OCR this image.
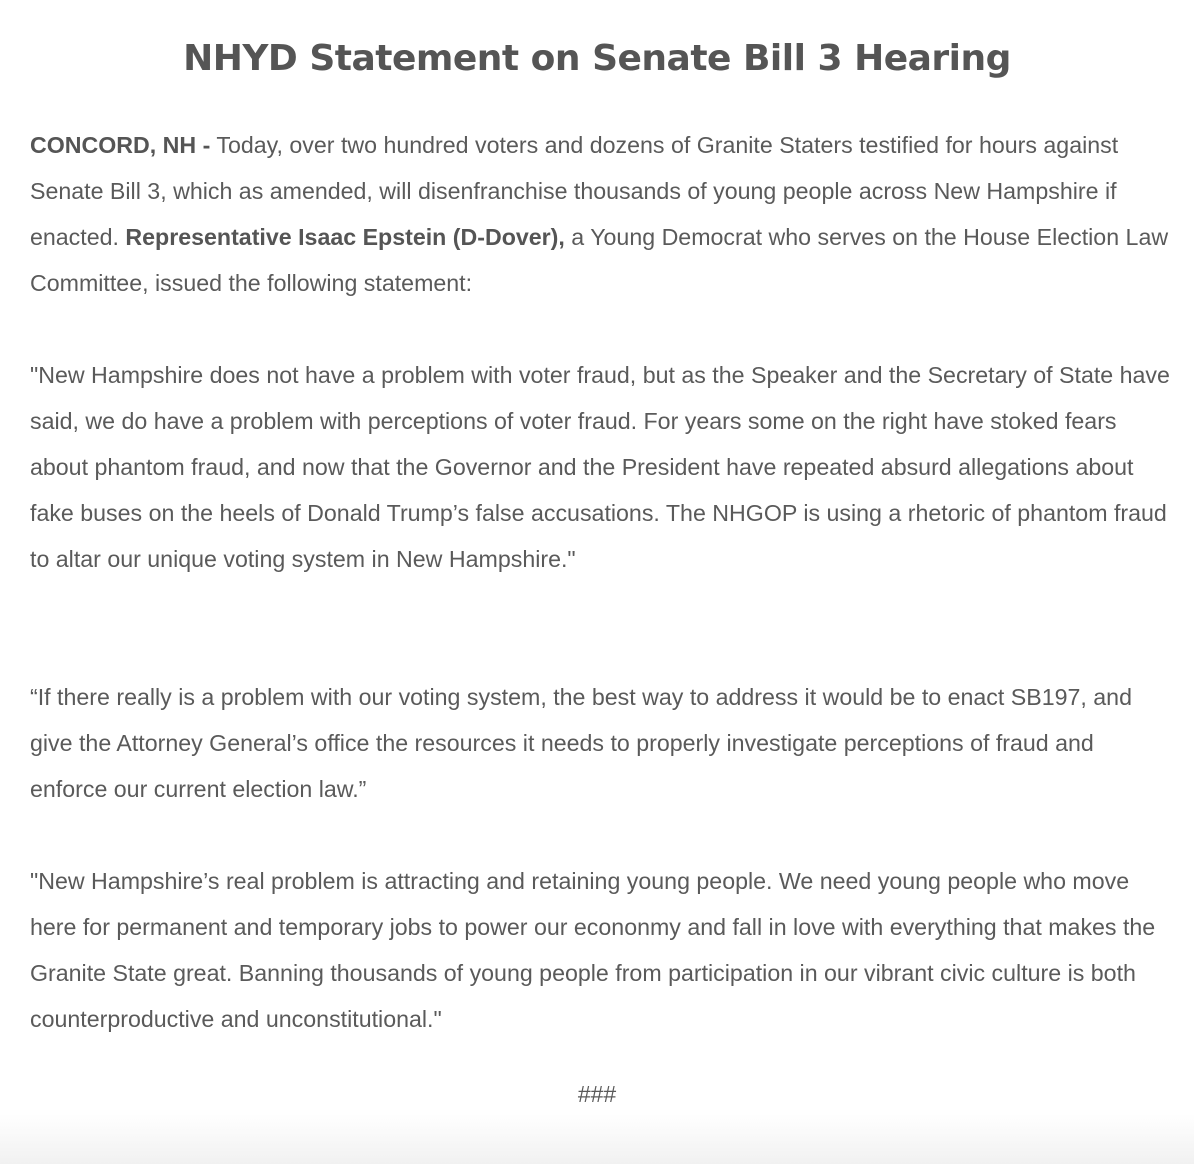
NHYD Statement on Senate Bill 3 Hearing

CONCORD, NH - Today, over two hundred voters and dozens of Granite Staters testified for hours against Senate Bill 3, which as amended, will disenfranchise thousands of young people across New Hampshire if enacted. Representative Isaac Epstein (D-Dover), a Young Democrat who serves on the House Election Law Committee, issued the following statement:

"New Hampshire does not have a problem with voter fraud, but as the Speaker and the Secretary of State have said, we do have a problem with perceptions of voter fraud. For years some on the right have stoked fears about phantom fraud, and now that the Governor and the President have repeated absurd allegations about fake buses on the heels of Donald Trump’s false accusations. The NHGOP is using a rhetoric of phantom fraud to altar our unique voting system in New Hampshire."

“If there really is a problem with our voting system, the best way to address it would be to enact SB197, and give the Attorney General’s office the resources it needs to properly investigate perceptions of fraud and enforce our current election law.”

"New Hampshire’s real problem is attracting and retaining young people. We need young people who move here for permanent and temporary jobs to power our econonmy and fall in love with everything that makes the Granite State great. Banning thousands of young people from participation in our vibrant civic culture is both counterproductive and unconstitutional."

###
